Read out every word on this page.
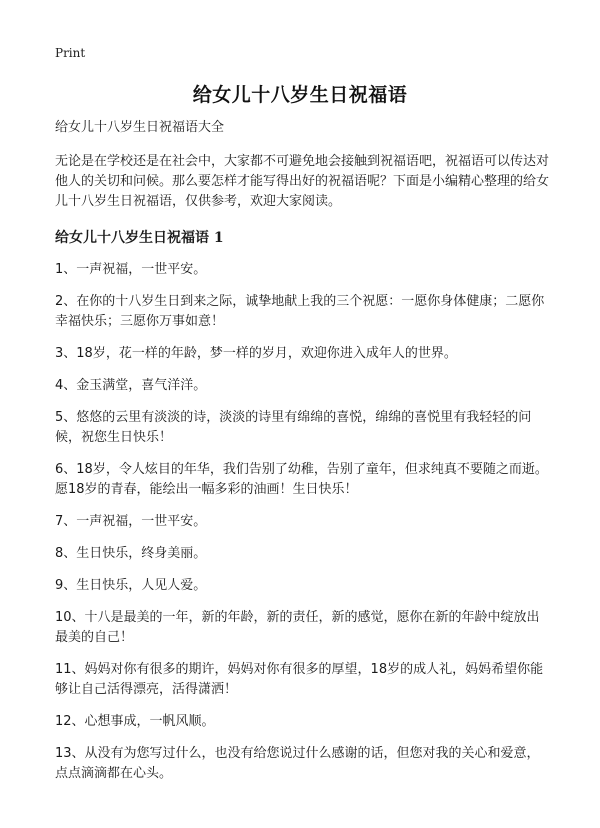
Print
给女儿十八岁生日祝福语

给女儿十八岁生日祝福语大全

无论是在学校还是在社会中，大家都不可避免地会接触到祝福语吧，祝福语可以传达对他人的关切和问候。那么要怎样才能写得出好的祝福语呢？下面是小编精心整理的给女儿十八岁生日祝福语，仅供参考，欢迎大家阅读。

给女儿十八岁生日祝福语 1

1、一声祝福，一世平安。

2、在你的十八岁生日到来之际，诚挚地献上我的三个祝愿：一愿你身体健康；二愿你幸福快乐；三愿你万事如意！

3、18岁，花一样的年龄，梦一样的岁月，欢迎你进入成年人的世界。

4、金玉满堂，喜气洋洋。

5、悠悠的云里有淡淡的诗，淡淡的诗里有绵绵的喜悦，绵绵的喜悦里有我轻轻的问候，祝您生日快乐！

6、18岁，令人炫目的年华，我们告别了幼稚，告别了童年，但求纯真不要随之而逝。愿18岁的青春，能绘出一幅多彩的油画！生日快乐！

7、一声祝福，一世平安。

8、生日快乐，终身美丽。

9、生日快乐，人见人爱。

10、十八是最美的一年，新的年龄，新的责任，新的感觉，愿你在新的年龄中绽放出最美的自己！

11、妈妈对你有很多的期许，妈妈对你有很多的厚望，18岁的成人礼，妈妈希望你能够让自己活得漂亮，活得潇洒！

12、心想事成，一帆风顺。

13、从没有为您写过什么，也没有给您说过什么感谢的话，但您对我的关心和爱意，点点滴滴都在心头。
